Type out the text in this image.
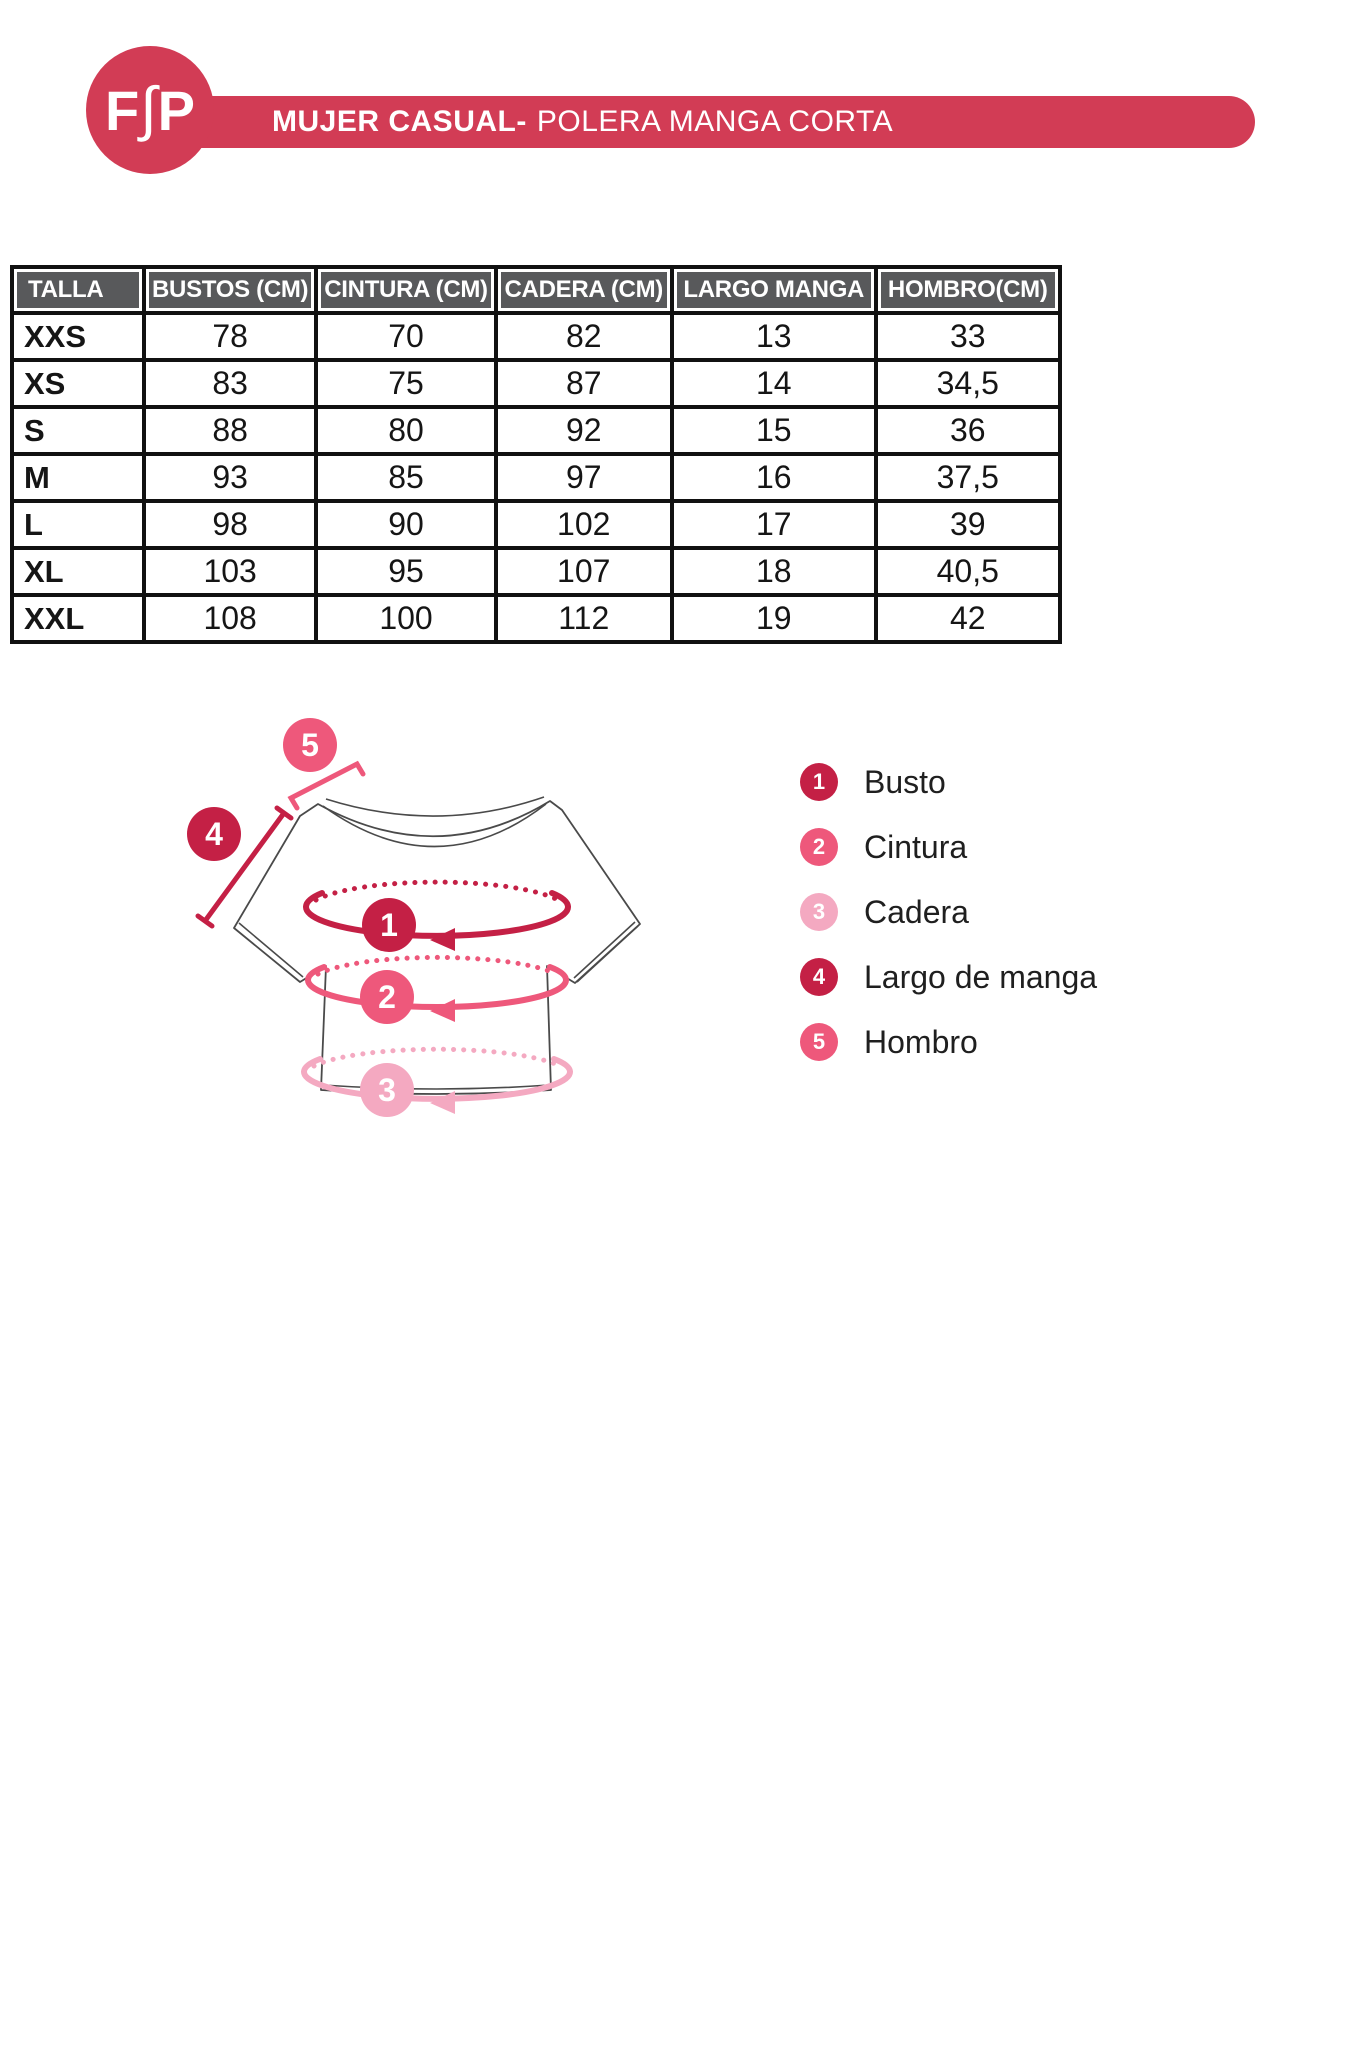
MUJER CASUAL- POLERA MANGA CORTA
F ∫ P
TALLA	BUSTOS (CM)	CINTURA (CM)	CADERA (CM)	LARGO MANGA	HOMBRO(CM)
XXS	78	70	82	13	33
XS	83	75	87	14	34,5
S	88	80	92	15	36
M	93	85	97	16	37,5
L	98	90	102	17	39
XL	103	95	107	18	40,5
XXL	108	100	112	19	42
1
2
3
4
5
1	Busto
2	Cintura
3	Cadera
4	Largo de manga
5	Hombro
